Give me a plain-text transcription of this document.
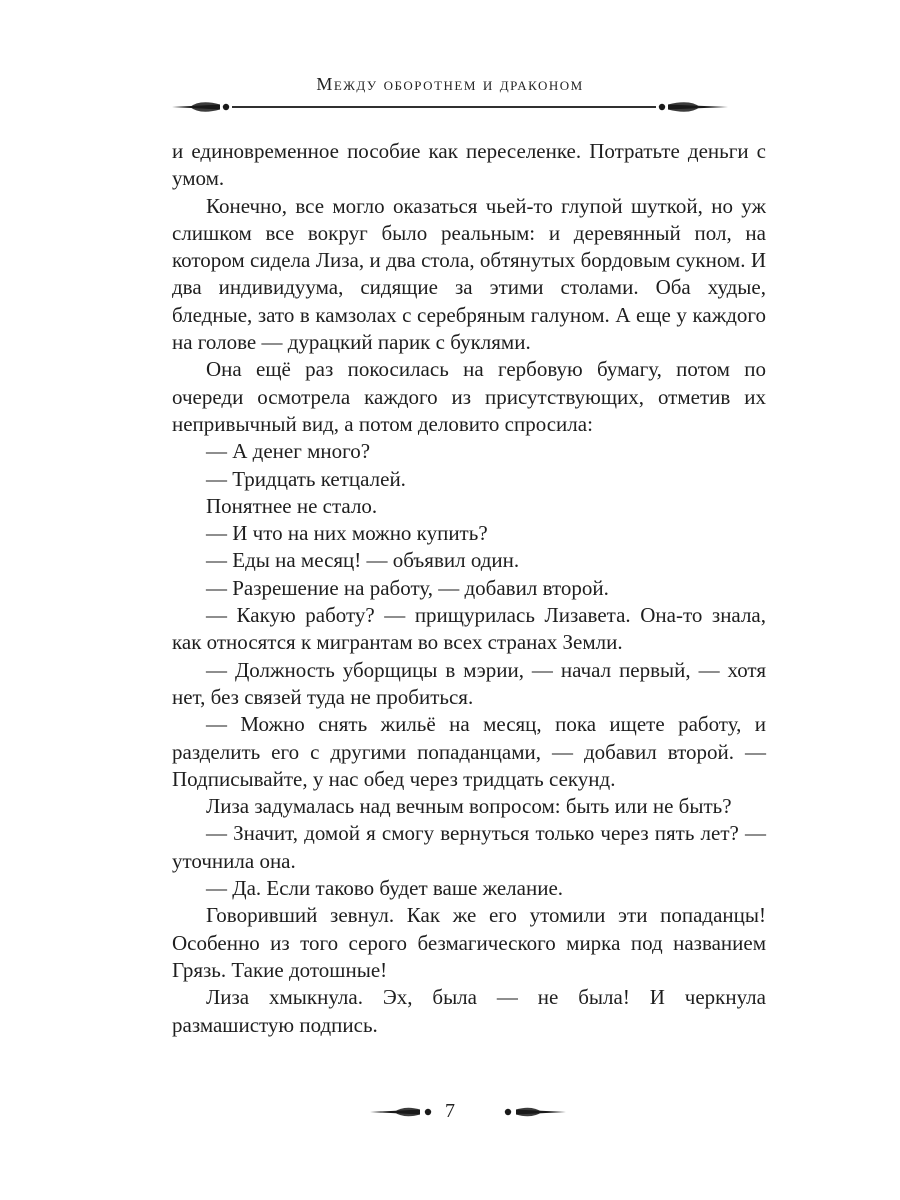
Между оборотнем и драконом

и единовременное пособие как переселенке. Потратьте деньги с умом.

Конечно, все могло оказаться чьей-то глупой шуткой, но уж слишком все вокруг было реальным: и деревянный пол, на котором сидела Лиза, и два стола, обтянутых бордовым сукном. И два индивидуума, сидящие за этими столами. Оба худые, бледные, зато в камзолах с серебряным галуном. А еще у каждого на голове — дурацкий парик с буклями.

Она ещё раз покосилась на гербовую бумагу, потом по очереди осмотрела каждого из присутствующих, отметив их непривычный вид, а потом деловито спросила:

— А денег много?

— Тридцать кетцалей.

Понятнее не стало.

— И что на них можно купить?

— Еды на месяц! — объявил один.

— Разрешение на работу, — добавил второй.

— Какую работу? — прищурилась Лизавета. Она-то знала, как относятся к мигрантам во всех странах Земли.

— Должность уборщицы в мэрии, — начал первый, — хотя нет, без связей туда не пробиться.

— Можно снять жильё на месяц, пока ищете работу, и разделить его с другими попаданцами, — добавил второй. — Подписывайте, у нас обед через тридцать секунд.

Лиза задумалась над вечным вопросом: быть или не быть?

— Значит, домой я смогу вернуться только через пять лет? — уточнила она.

— Да. Если таково будет ваше желание.

Говоривший зевнул. Как же его утомили эти попаданцы! Особенно из того серого безмагического мирка под названием Грязь. Такие дотошные!

Лиза хмыкнула. Эх, была — не была! И черкнула размашистую подпись.

7
